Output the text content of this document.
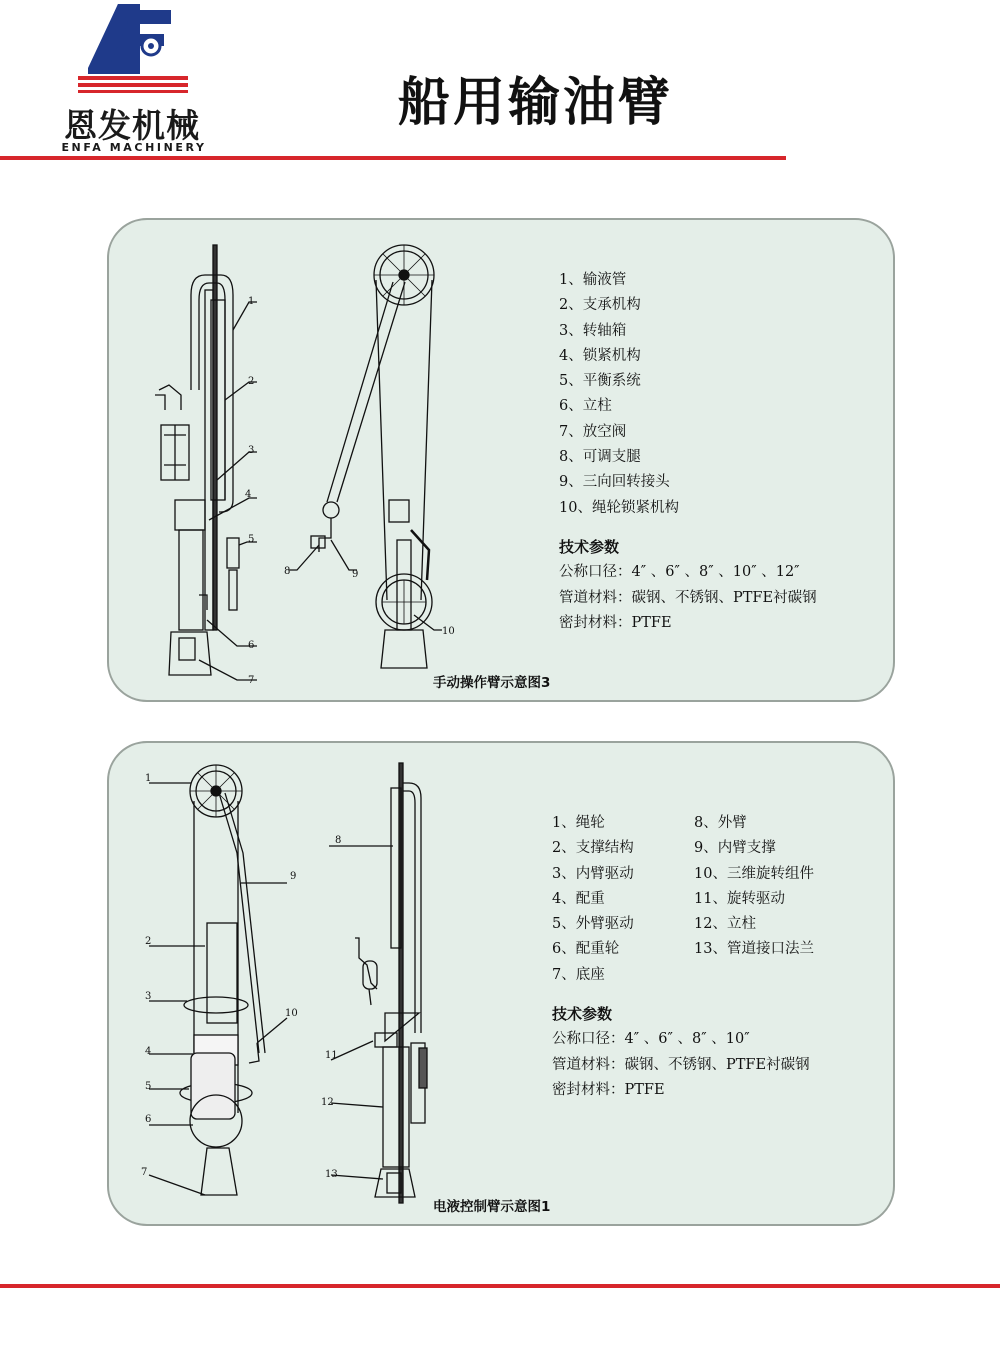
恩发机械
ENFA MACHINERY
船用输油臂
1
2
3
4
5
6
7
8	9
10
1、输液管
2、支承机构
3、转轴箱
4、锁紧机构
5、平衡系统
6、立柱
7、放空阀
8、可调支腿
9、三向回转接头
10、绳轮锁紧机构
技术参数
公称口径：4″ 、6″ 、8″ 、10″ 、12″
管道材料：碳钢、不锈钢、PTFE衬碳钢
密封材料：PTFE
手动操作臂示意图3
1
2
3
4
5
6
7
8
9
10
11
12
13
1、绳轮
2、支撑结构
3、内臂驱动
4、配重
5、外臂驱动
6、配重轮
7、底座
技术参数
公称口径：4″ 、6″ 、8″ 、10″
管道材料：碳钢、不锈钢、PTFE衬碳钢
密封材料：PTFE
8、外臂
9、内臂支撑
10、三维旋转组件
11、旋转驱动
12、立柱
13、管道接口法兰
电液控制臂示意图1
